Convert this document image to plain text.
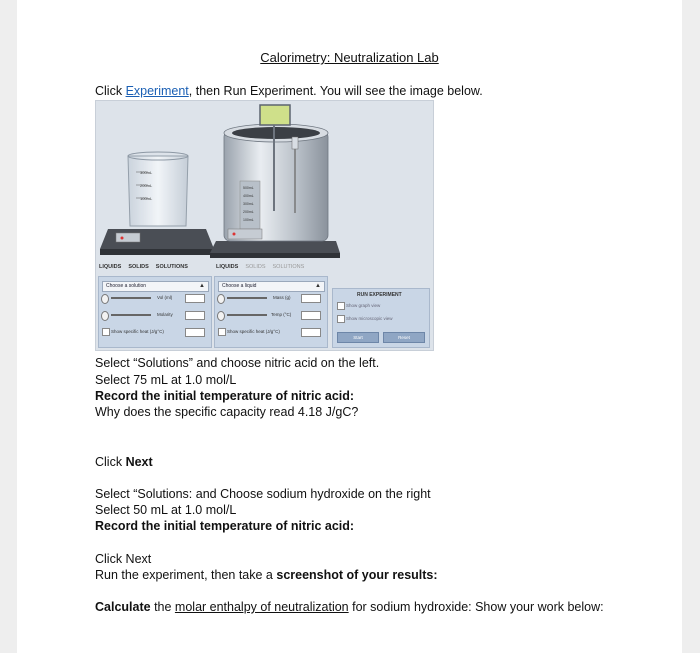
Calorimetry: Neutralization Lab
Click Experiment, then Run Experiment. You will see the image below.
300mL
200mL
100mL
500mL
400mL
300mL
200mL
100mL
LIQUIDS SOLIDS SOLUTIONS	LIQUIDS SOLIDS SOLUTIONS
Choose a solution	▲
Vol (ml)
Molarity
Show specific heat (J/g°C)
Choose a liquid	▲
Mass (g)
Temp (°C)
Show specific heat (J/g°C)
RUN EXPERIMENT
Show graph view
Show microscopic view
Start	Reset
Select “Solutions” and choose nitric acid on the left.
Select 75 mL at 1.0 mol/L
Record the initial temperature of nitric acid:
Why does the specific capacity read 4.18 J/gC?
Click Next
Select “Solutions: and Choose sodium hydroxide on the right
Select 50 mL at 1.0 mol/L
Record the initial temperature of nitric acid:
Click Next
Run the experiment, then take a screenshot of your results:
Calculate the molar enthalpy of neutralization for sodium hydroxide: Show your work below:
